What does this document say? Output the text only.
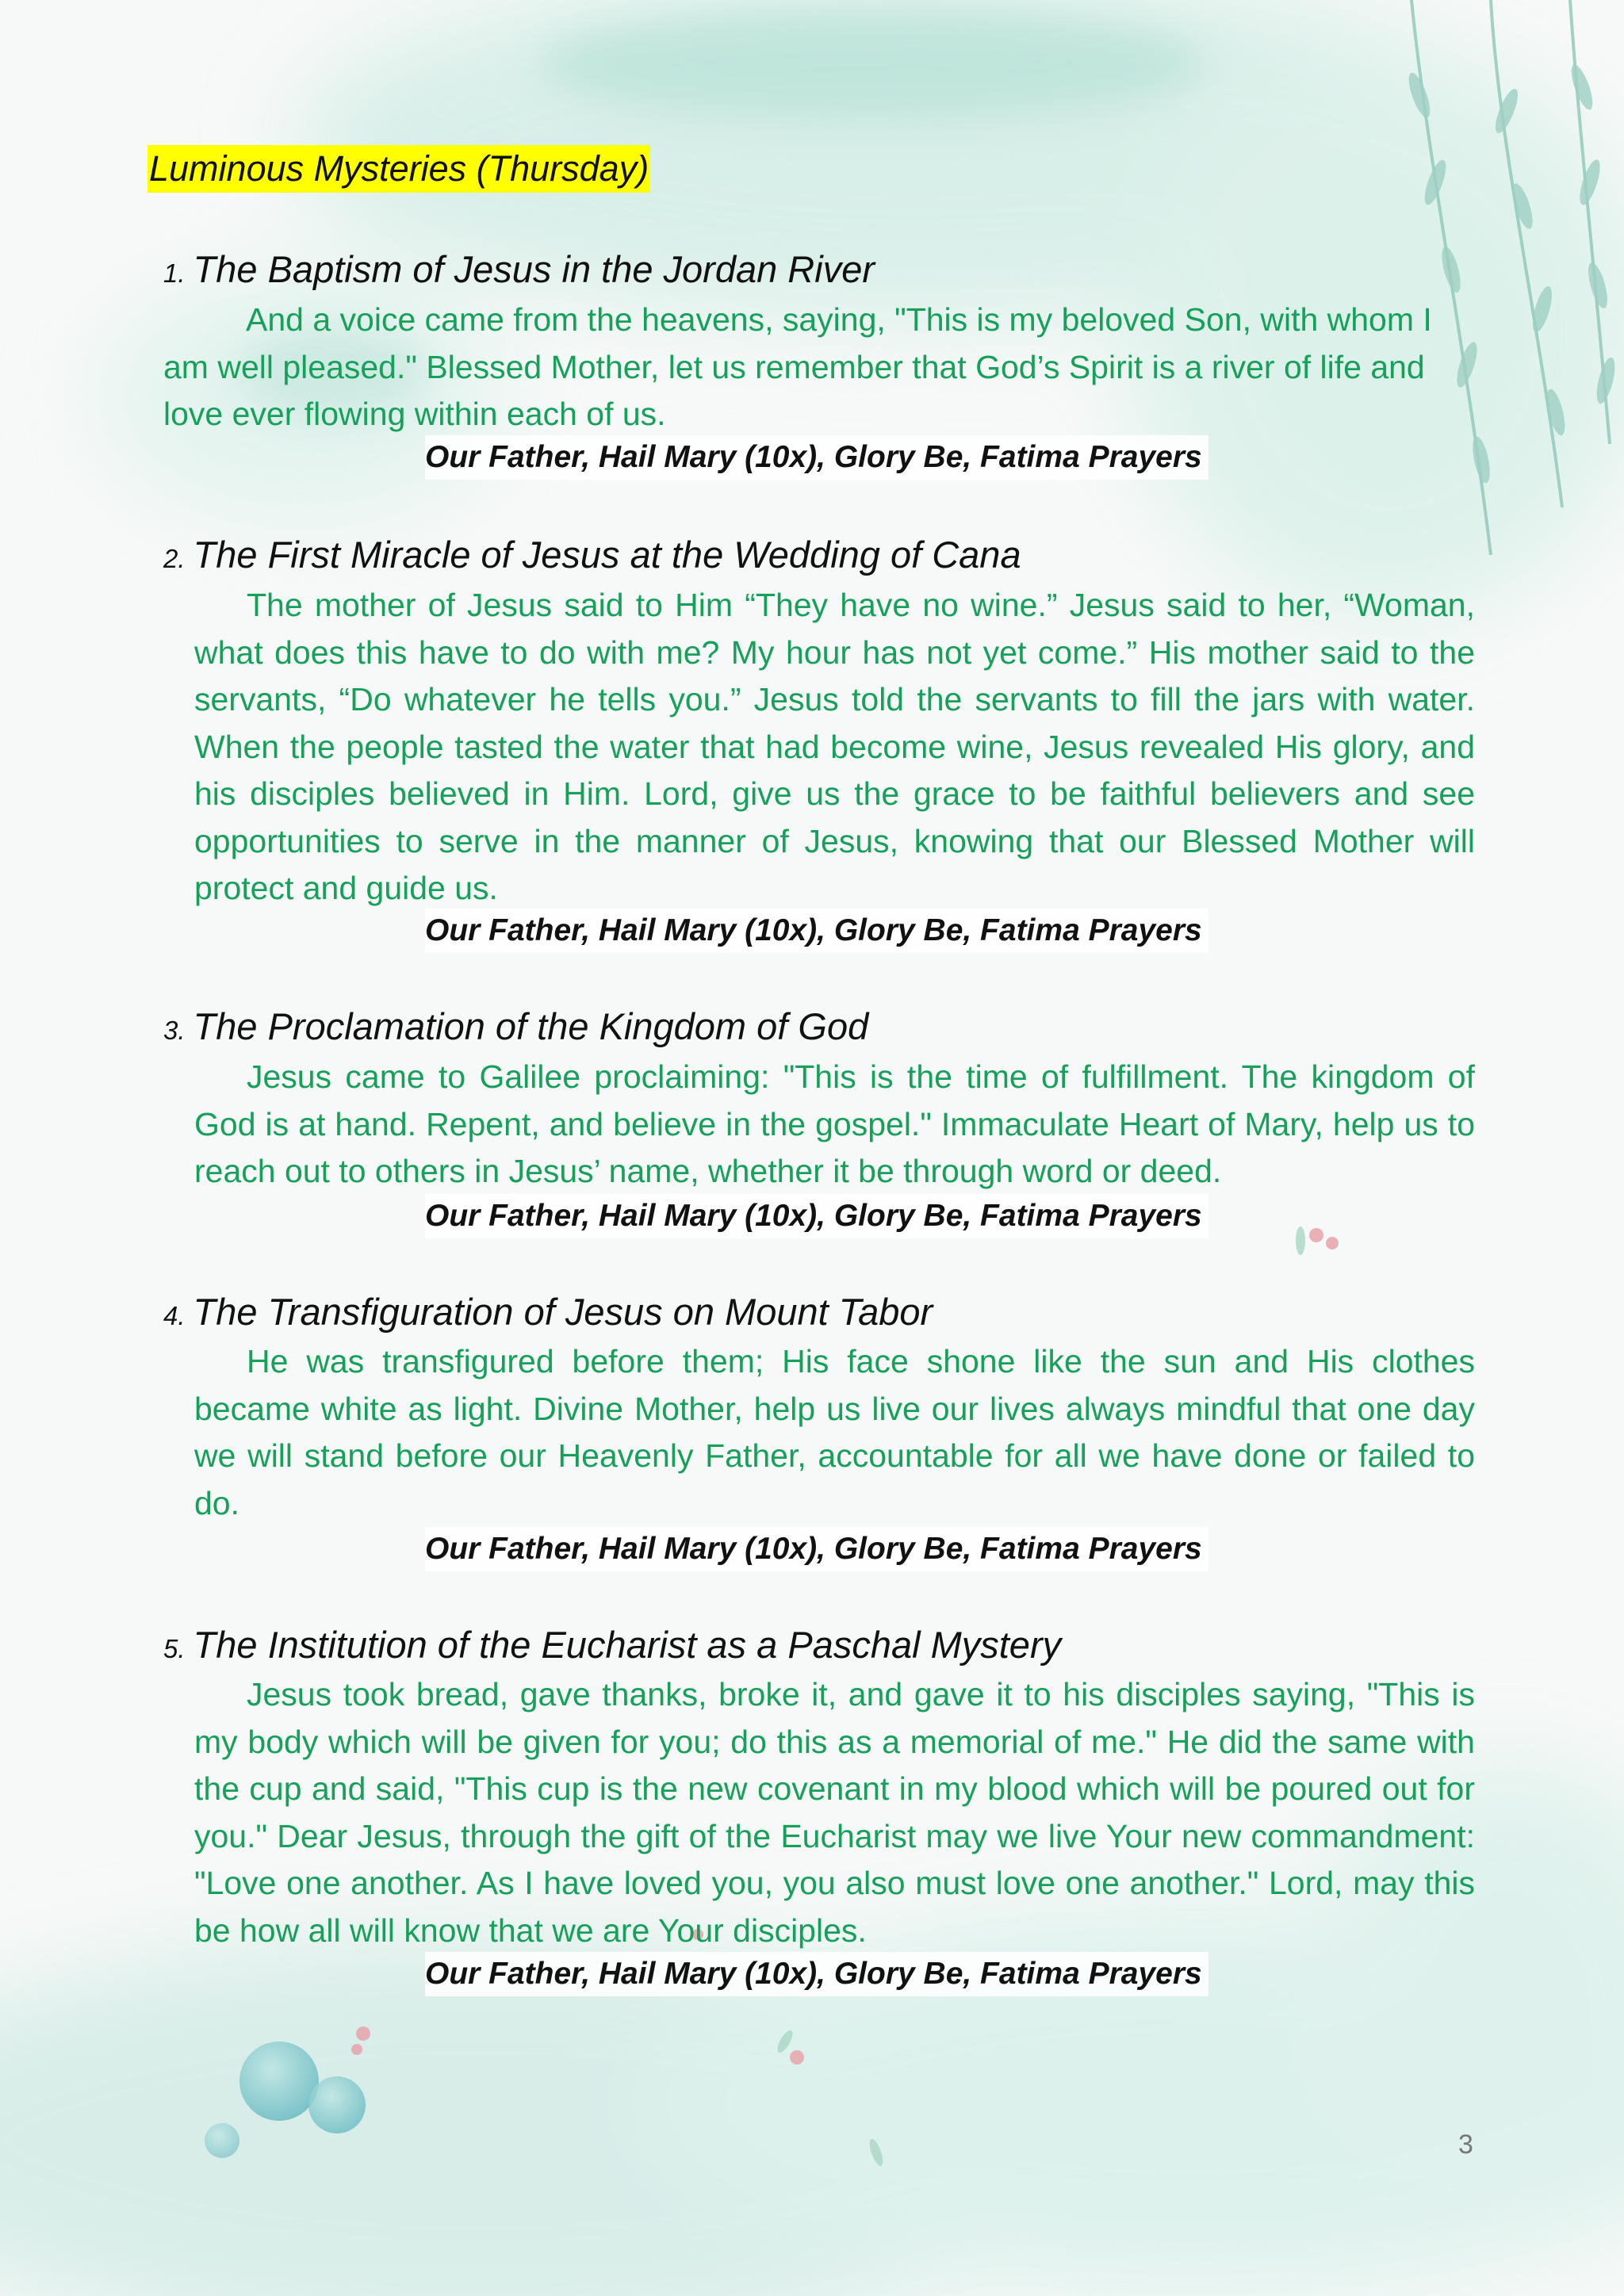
Luminous Mysteries (Thursday)
1. The Baptism of Jesus in the Jordan River
And a voice came from the heavens, saying, "This is my beloved Son, with whom I am well pleased." Blessed Mother, let us remember that God’s Spirit is a river of life and love ever flowing within each of us.
Our Father, Hail Mary (10x), Glory Be, Fatima Prayers
2. The First Miracle of Jesus at the Wedding of Cana
The mother of Jesus said to Him “They have no wine.” Jesus said to her, “Woman, what does this have to do with me? My hour has not yet come.” His mother said to the servants, “Do whatever he tells you.” Jesus told the servants to fill the jars with water. When the people tasted the water that had become wine, Jesus revealed His glory, and his disciples believed in Him. Lord, give us the grace to be faithful believers and see opportunities to serve in the manner of Jesus, knowing that our Blessed Mother will protect and guide us.
Our Father, Hail Mary (10x), Glory Be, Fatima Prayers
3. The Proclamation of the Kingdom of God
Jesus came to Galilee proclaiming: "This is the time of fulfillment. The kingdom of God is at hand. Repent, and believe in the gospel." Immaculate Heart of Mary, help us to reach out to others in Jesus’ name, whether it be through word or deed.
Our Father, Hail Mary (10x), Glory Be, Fatima Prayers
4. The Transfiguration of Jesus on Mount Tabor
He was transfigured before them; His face shone like the sun and His clothes became white as light. Divine Mother, help us live our lives always mindful that one day we will stand before our Heavenly Father, accountable for all we have done or failed to do.
Our Father, Hail Mary (10x), Glory Be, Fatima Prayers
5. The Institution of the Eucharist as a Paschal Mystery
Jesus took bread, gave thanks, broke it, and gave it to his disciples saying, "This is my body which will be given for you; do this as a memorial of me." He did the same with the cup and said, "This cup is the new covenant in my blood which will be poured out for you." Dear Jesus, through the gift of the Eucharist may we live Your new commandment: "Love one another. As I have loved you, you also must love one another." Lord, may this be how all will know that we are Your disciples.
Our Father, Hail Mary (10x), Glory Be, Fatima Prayers
3
